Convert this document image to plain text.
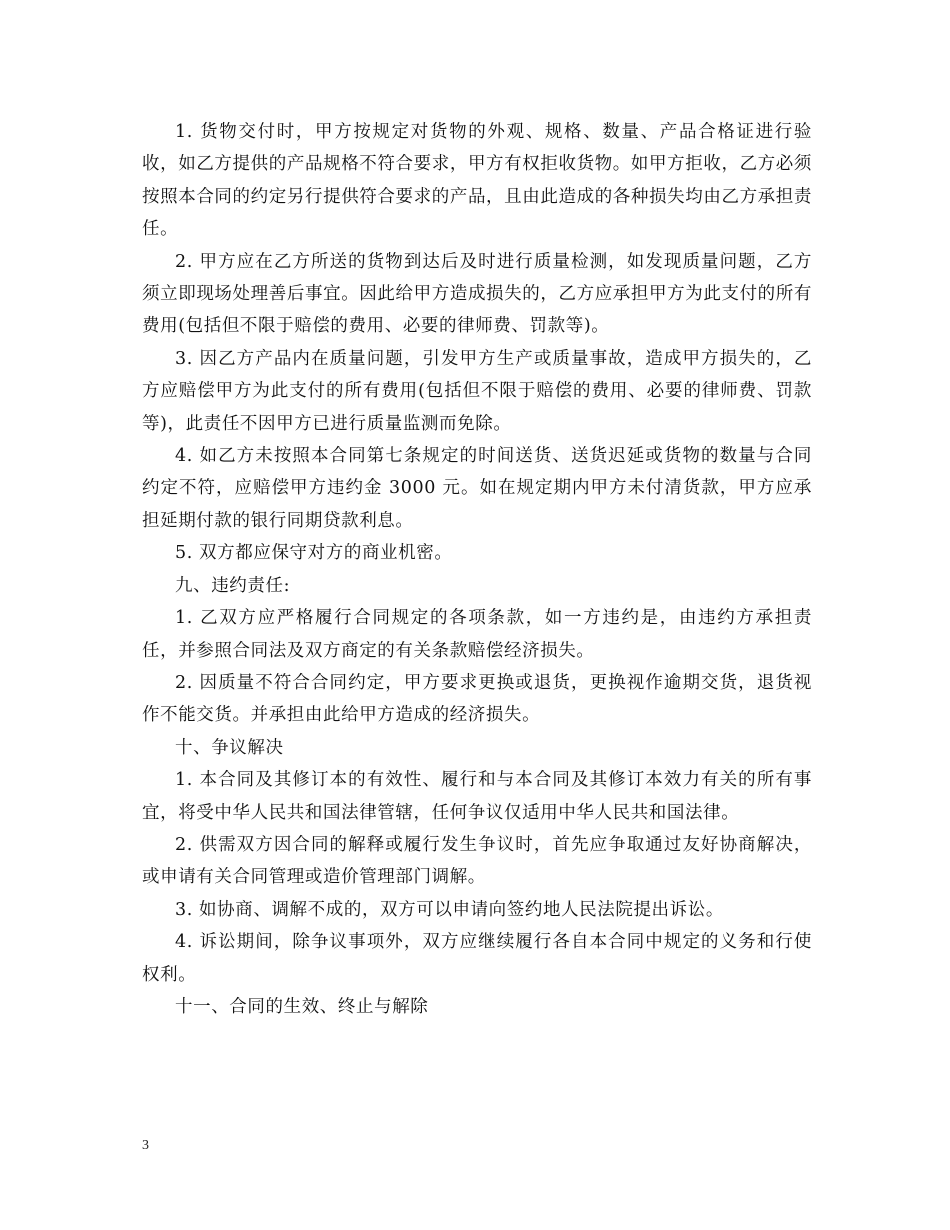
1. 货物交付时，甲方按规定对货物的外观、规格、数量、产品合格证进行验收，如乙方提供的产品规格不符合要求，甲方有权拒收货物。如甲方拒收，乙方必须按照本合同的约定另行提供符合要求的产品，且由此造成的各种损失均由乙方承担责任。

2. 甲方应在乙方所送的货物到达后及时进行质量检测，如发现质量问题，乙方须立即现场处理善后事宜。因此给甲方造成损失的，乙方应承担甲方为此支付的所有费用(包括但不限于赔偿的费用、必要的律师费、罚款等)。

3. 因乙方产品内在质量问题，引发甲方生产或质量事故，造成甲方损失的，乙方应赔偿甲方为此支付的所有费用(包括但不限于赔偿的费用、必要的律师费、罚款等)，此责任不因甲方已进行质量监测而免除。

4. 如乙方未按照本合同第七条规定的时间送货、送货迟延或货物的数量与合同约定不符，应赔偿甲方违约金 3000 元。如在规定期内甲方未付清货款，甲方应承担延期付款的银行同期贷款利息。

5. 双方都应保守对方的商业机密。

九、违约责任:

1. 乙双方应严格履行合同规定的各项条款，如一方违约是，由违约方承担责任，并参照合同法及双方商定的有关条款赔偿经济损失。

2. 因质量不符合合同约定，甲方要求更换或退货，更换视作逾期交货，退货视作不能交货。并承担由此给甲方造成的经济损失。

十、争议解决

1. 本合同及其修订本的有效性、履行和与本合同及其修订本效力有关的所有事宜，将受中华人民共和国法律管辖，任何争议仅适用中华人民共和国法律。

2. 供需双方因合同的解释或履行发生争议时，首先应争取通过友好协商解决，或申请有关合同管理或造价管理部门调解。

3. 如协商、调解不成的，双方可以申请向签约地人民法院提出诉讼。

4. 诉讼期间，除争议事项外，双方应继续履行各自本合同中规定的义务和行使权利。

十一、合同的生效、终止与解除

3
